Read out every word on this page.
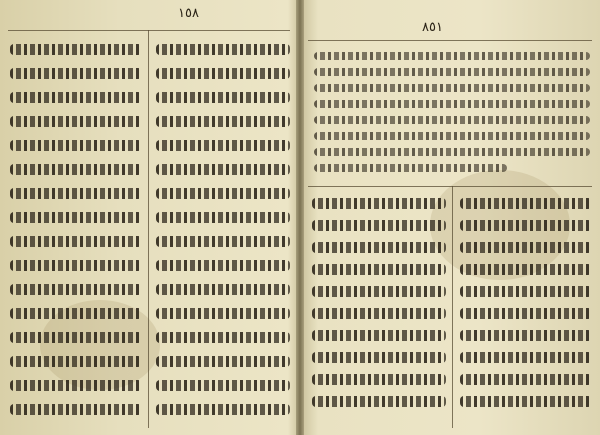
١٥٨
٨٥١
